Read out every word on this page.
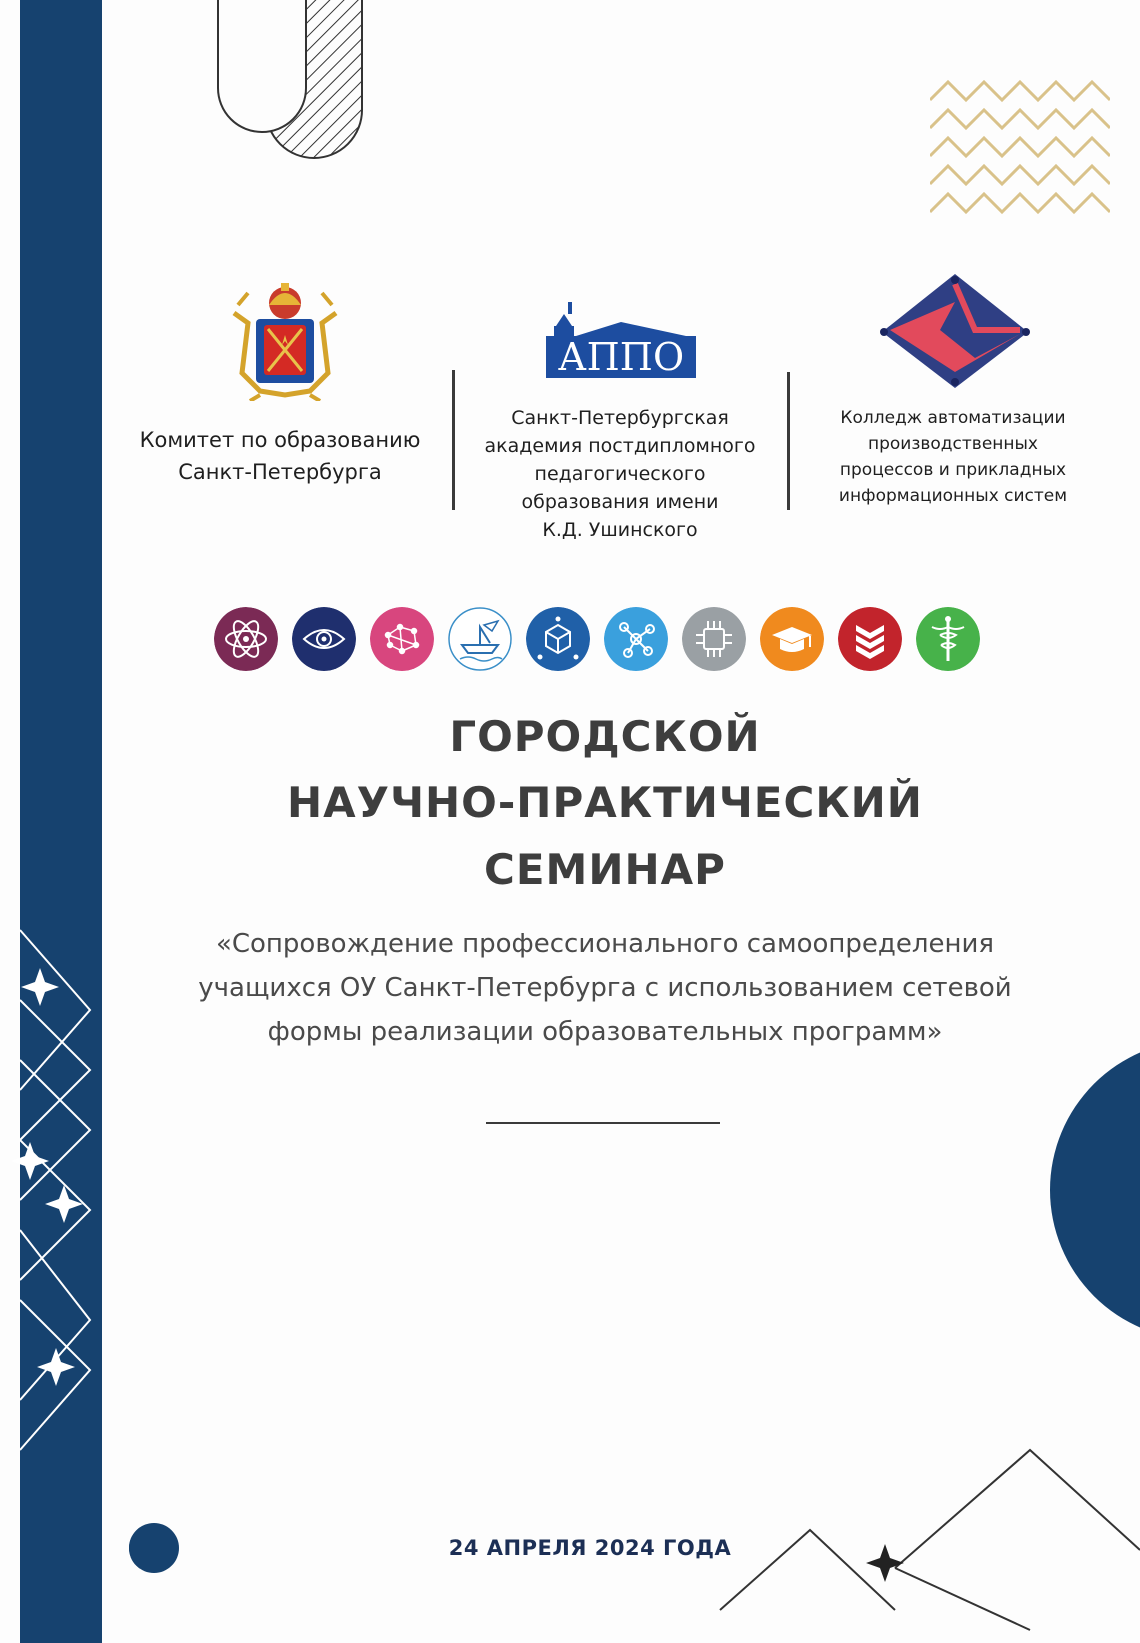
Комитет по образованию
Санкт-Петербурга
АППО
Санкт-Петербургская
академия постдипломного
педагогического
образования имени
К.Д. Ушинского
Колледж автоматизации
производственных
процессов и прикладных
информационных систем
ГОРОДСКОЙ
НАУЧНО-ПРАКТИЧЕСКИЙ
СЕМИНАР
«Сопровождение профессионального самоопределения учащихся ОУ Санкт-Петербурга с использованием сетевой формы реализации образовательных программ»
24 АПРЕЛЯ 2024 ГОДА
